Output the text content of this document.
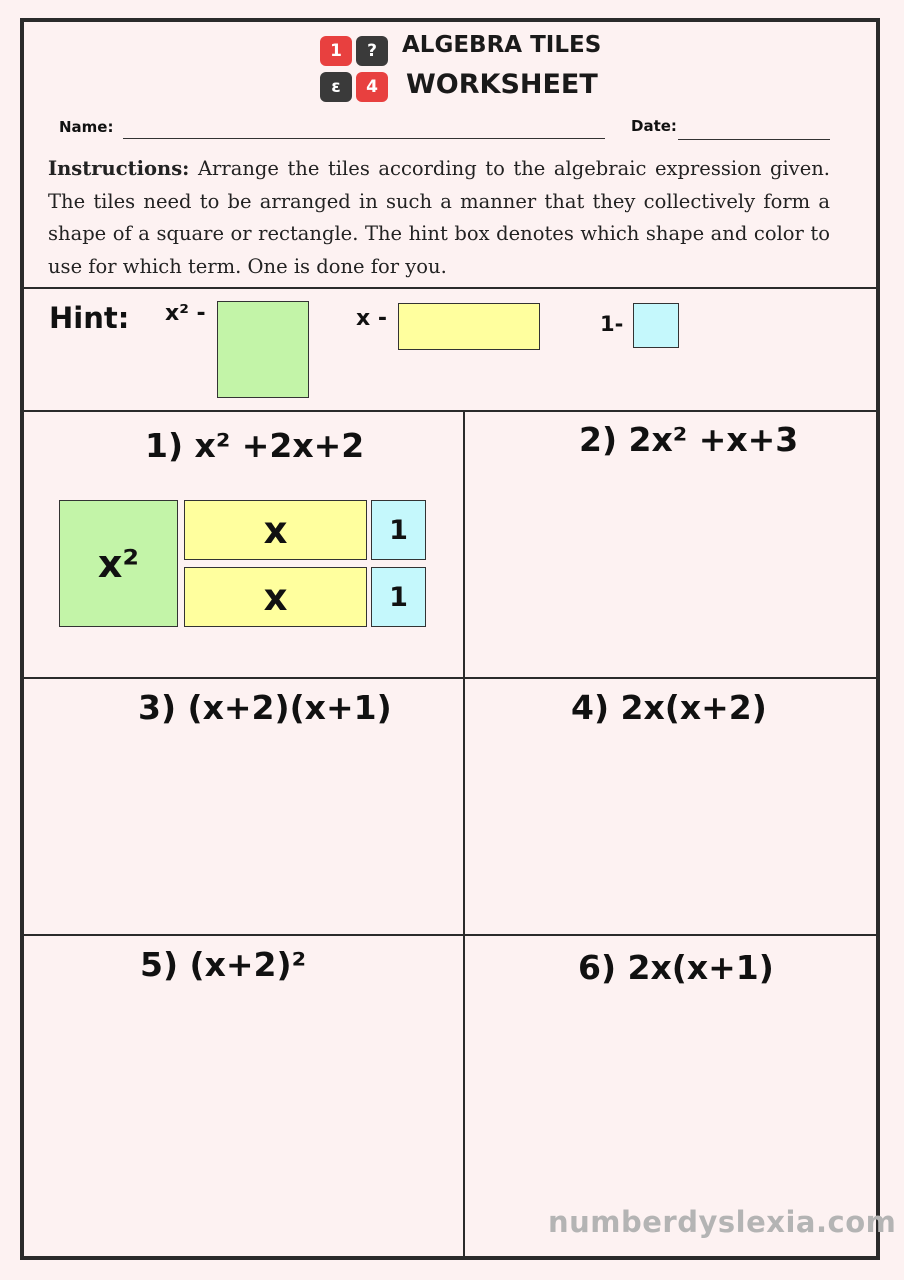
1	?
ε	4
ALGEBRA TILES
WORKSHEET
Name:	Date:
Instructions: Arrange the tiles according to the algebraic expression given. The tiles need to be arranged in such a manner that they collectively form a shape of a square or rectangle. The hint box denotes which shape and color to use for which term. One is done for you.
Hint: x² -	x -	1-
1) x² +2x+2	2) 2x² +x+3
3) (x+2)(x+1)	4) 2x(x+2)
5) (x+2)²	6) 2x(x+1)
x²
x
x
1
1
numberdyslexia.com
